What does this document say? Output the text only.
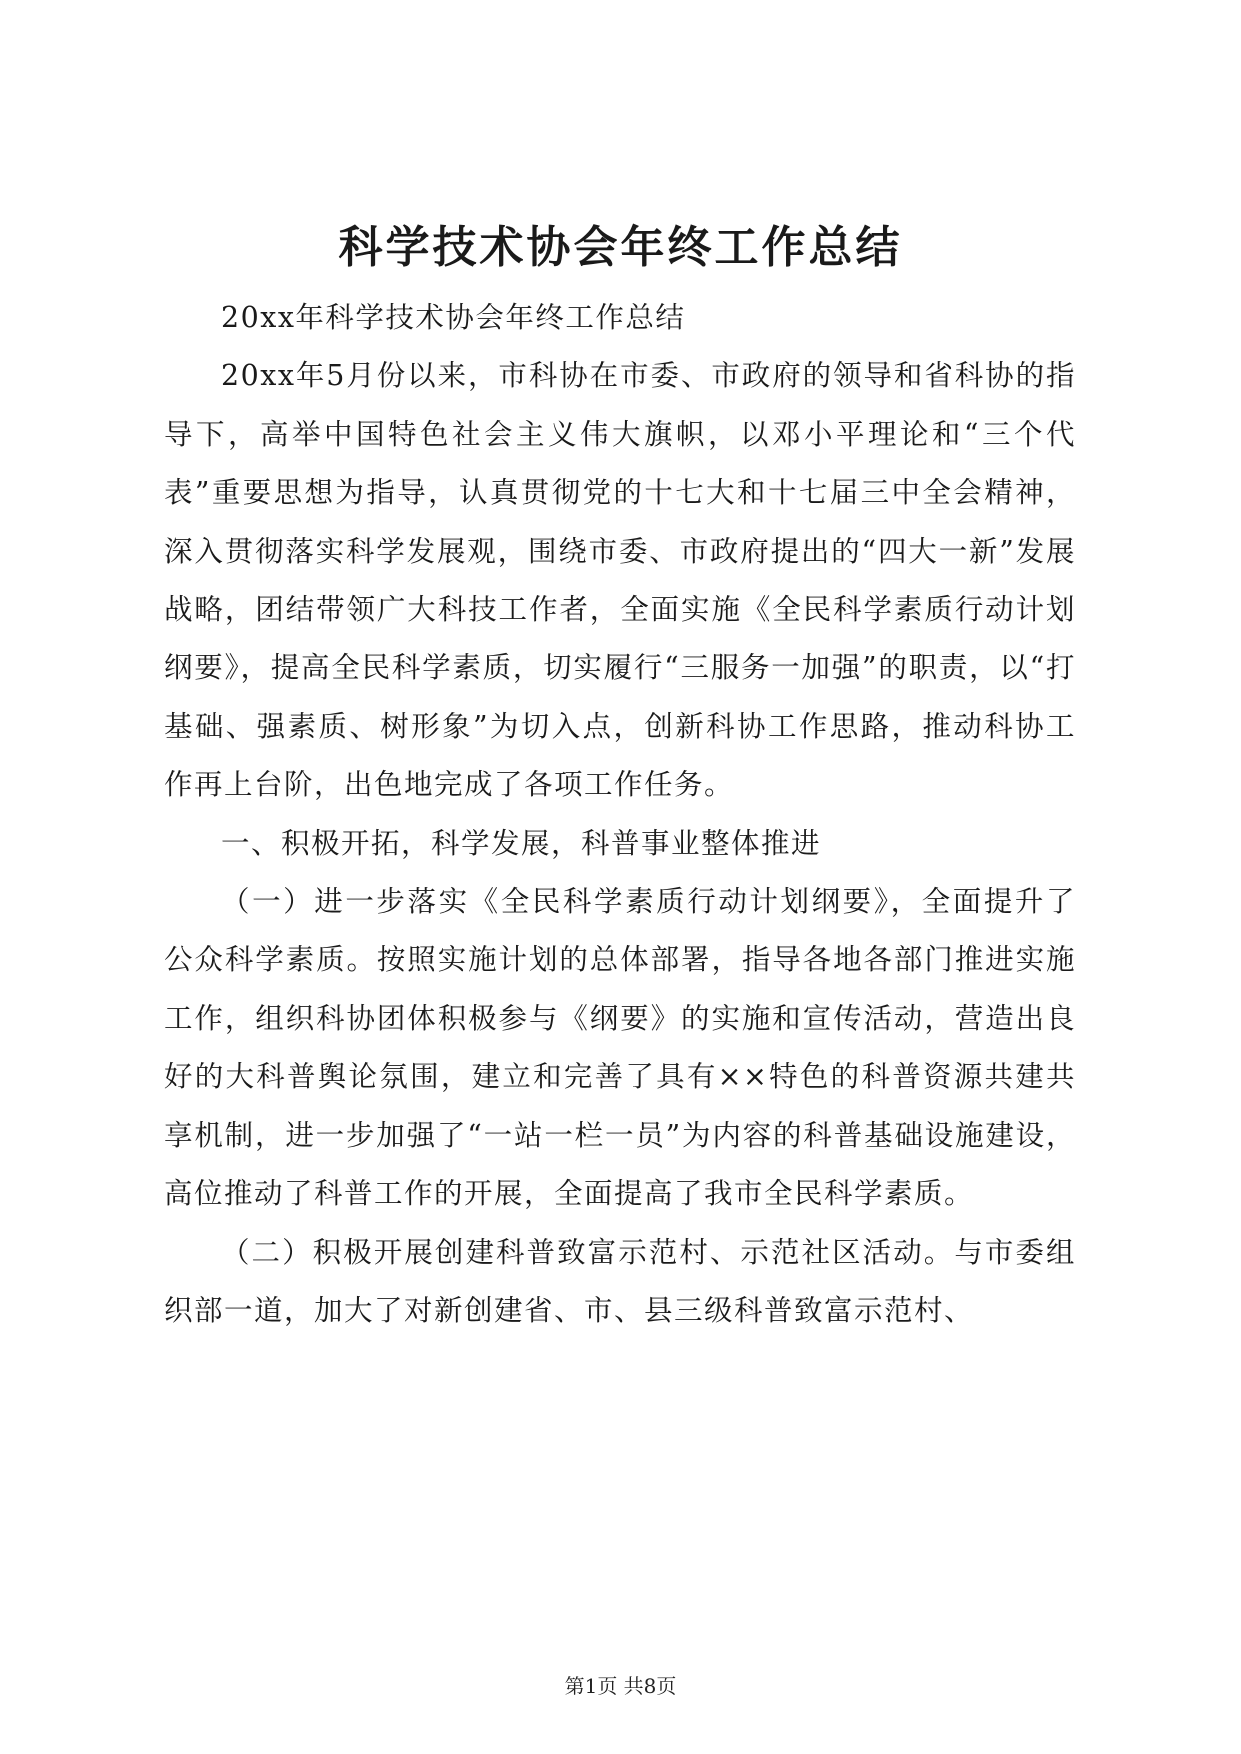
科学技术协会年终工作总结

20xx年科学技术协会年终工作总结

20xx年5月份以来，市科协在市委、市政府的领导和省科协的指导下，高举中国特色社会主义伟大旗帜，以邓小平理论和“三个代表”重要思想为指导，认真贯彻党的十七大和十七届三中全会精神，深入贯彻落实科学发展观，围绕市委、市政府提出的“四大一新”发展战略，团结带领广大科技工作者，全面实施《全民科学素质行动计划纲要》，提高全民科学素质，切实履行“三服务一加强”的职责，以“打基础、强素质、树形象”为切入点，创新科协工作思路，推动科协工作再上台阶，出色地完成了各项工作任务。

一、积极开拓，科学发展，科普事业整体推进

（一）进一步落实《全民科学素质行动计划纲要》，全面提升了公众科学素质。按照实施计划的总体部署，指导各地各部门推进实施工作，组织科协团体积极参与《纲要》的实施和宣传活动，营造出良好的大科普舆论氛围，建立和完善了具有××特色的科普资源共建共享机制，进一步加强了“一站一栏一员”为内容的科普基础设施建设，高位推动了科普工作的开展，全面提高了我市全民科学素质。

（二）积极开展创建科普致富示范村、示范社区活动。与市委组织部一道，加大了对新创建省、市、县三级科普致富示范村、

第1页 共8页
